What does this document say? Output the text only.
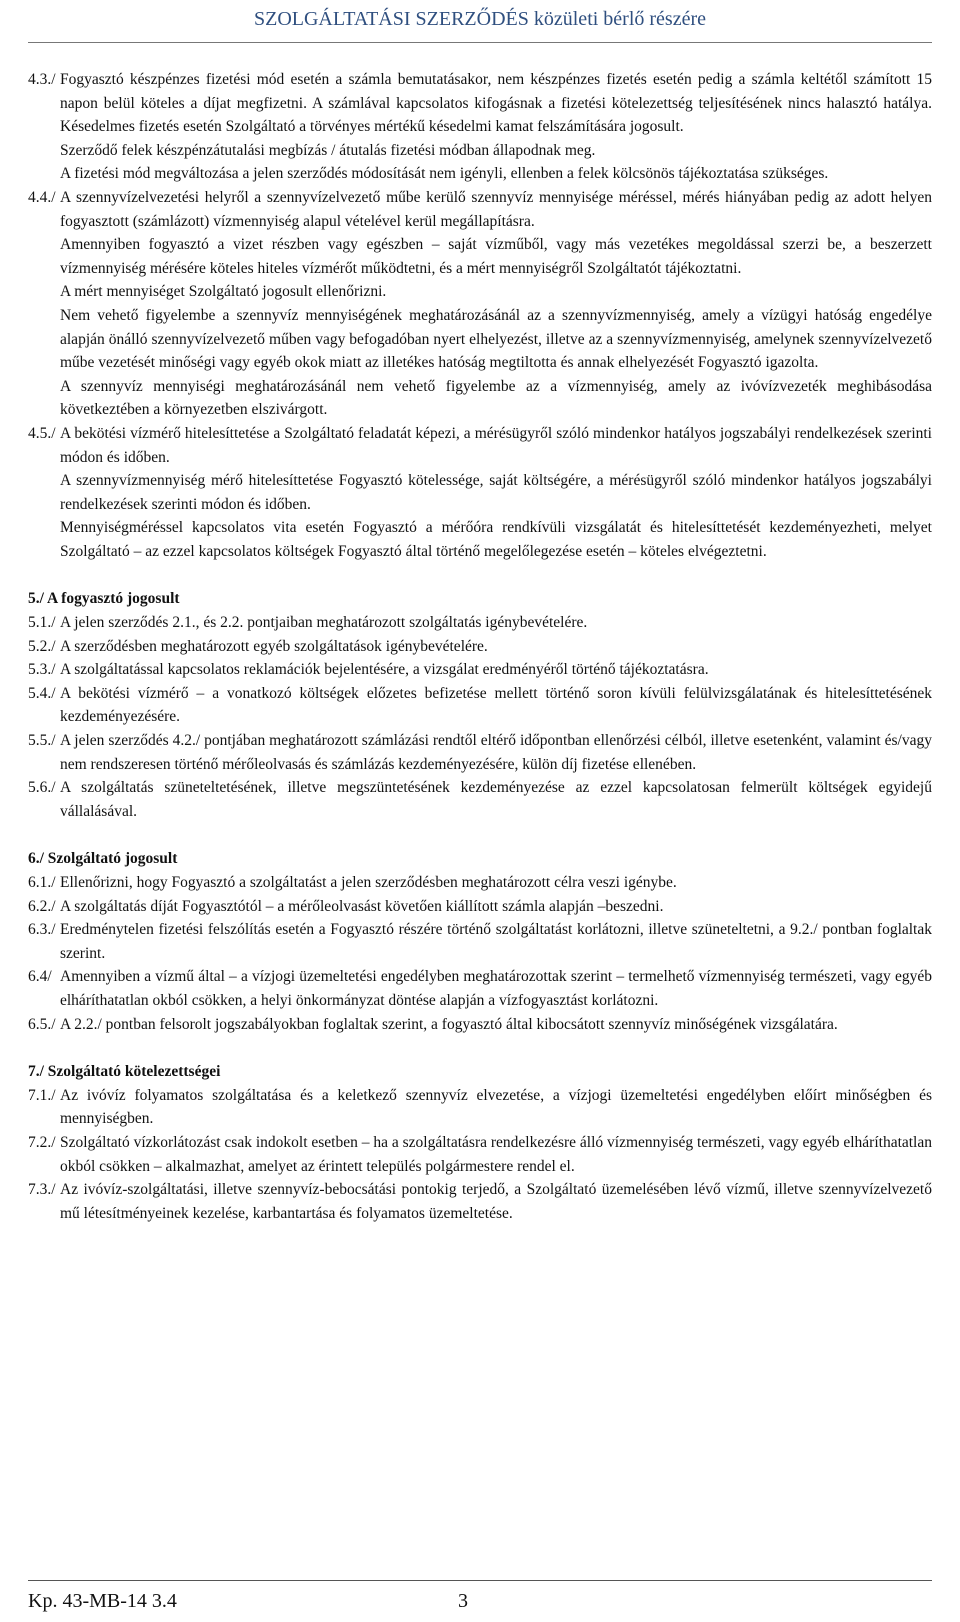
SZOLGÁLTATÁSI SZERZŐDÉS közületi bérlő részére
4.3./ Fogyasztó készpénzes fizetési mód esetén a számla bemutatásakor, nem készpénzes fizetés esetén pedig a számla keltétől számított 15 napon belül köteles a díjat megfizetni. A számlával kapcsolatos kifogásnak a fizetési kötelezettség teljesítésének nincs halasztó hatálya. Késedelmes fizetés esetén Szolgáltató a törvényes mértékű késedelmi kamat felszámítására jogosult.

Szerződő felek készpénzátutalási megbízás / átutalás fizetési módban állapodnak meg.

A fizetési mód megváltozása a jelen szerződés módosítását nem igényli, ellenben a felek kölcsönös tájékoztatása szükséges.

4.4./ A szennyvízelvezetési helyről a szennyvízelvezető műbe kerülő szennyvíz mennyisége méréssel, mérés hiányában pedig az adott helyen fogyasztott (számlázott) vízmennyiség alapul vételével kerül megállapításra.

Amennyiben fogyasztó a vizet részben vagy egészben – saját vízműből, vagy más vezetékes megoldással szerzi be, a beszerzett vízmennyiség mérésére köteles hiteles vízmérőt működtetni, és a mért mennyiségről Szolgáltatót tájékoztatni.

A mért mennyiséget Szolgáltató jogosult ellenőrizni.

Nem vehető figyelembe a szennyvíz mennyiségének meghatározásánál az a szennyvízmennyiség, amely a vízügyi hatóság engedélye alapján önálló szennyvízelvezető műben vagy befogadóban nyert elhelyezést, illetve az a szennyvízmennyiség, amelynek szennyvízelvezető műbe vezetését minőségi vagy egyéb okok miatt az illetékes hatóság megtiltotta és annak elhelyezését Fogyasztó igazolta.

A szennyvíz mennyiségi meghatározásánál nem vehető figyelembe az a vízmennyiség, amely az ivóvízvezeték meghibásodása következtében a környezetben elszivárgott.

4.5./ A bekötési vízmérő hitelesíttetése a Szolgáltató feladatát képezi, a mérésügyről szóló mindenkor hatályos jogszabályi rendelkezések szerinti módon és időben.

A szennyvízmennyiség mérő hitelesíttetése Fogyasztó kötelessége, saját költségére, a mérésügyről szóló mindenkor hatályos jogszabályi rendelkezések szerinti módon és időben.

Mennyiségméréssel kapcsolatos vita esetén Fogyasztó a mérőóra rendkívüli vizsgálatát és hitelesíttetését kezdeményezheti, melyet Szolgáltató – az ezzel kapcsolatos költségek Fogyasztó által történő megelőlegezése esetén – köteles elvégeztetni.

5./ A fogyasztó jogosult
5.1./ A jelen szerződés 2.1., és 2.2. pontjaiban meghatározott szolgáltatás igénybevételére.

5.2./ A szerződésben meghatározott egyéb szolgáltatások igénybevételére.

5.3./ A szolgáltatással kapcsolatos reklamációk bejelentésére, a vizsgálat eredményéről történő tájékoztatásra.

5.4./ A bekötési vízmérő – a vonatkozó költségek előzetes befizetése mellett történő soron kívüli felülvizsgálatának és hitelesíttetésének kezdeményezésére.

5.5./ A jelen szerződés 4.2./ pontjában meghatározott számlázási rendtől eltérő időpontban ellenőrzési célból, illetve esetenként, valamint és/vagy nem rendszeresen történő mérőleolvasás és számlázás kezdeményezésére, külön díj fizetése ellenében.

5.6./ A szolgáltatás szüneteltetésének, illetve megszüntetésének kezdeményezése az ezzel kapcsolatosan felmerült költségek egyidejű vállalásával.

6./ Szolgáltató jogosult
6.1./ Ellenőrizni, hogy Fogyasztó a szolgáltatást a jelen szerződésben meghatározott célra veszi igénybe.

6.2./ A szolgáltatás díját Fogyasztótól – a mérőleolvasást követően kiállított számla alapján –beszedni.

6.3./ Eredménytelen fizetési felszólítás esetén a Fogyasztó részére történő szolgáltatást korlátozni, illetve szüneteltetni, a 9.2./ pontban foglaltak szerint.

6.4/ Amennyiben a vízmű által – a vízjogi üzemeltetési engedélyben meghatározottak szerint – termelhető vízmennyiség természeti, vagy egyéb elháríthatatlan okból csökken, a helyi önkormányzat döntése alapján a vízfogyasztást korlátozni.

6.5./ A 2.2./ pontban felsorolt jogszabályokban foglaltak szerint, a fogyasztó által kibocsátott szennyvíz minőségének vizsgálatára.

7./ Szolgáltató kötelezettségei
7.1./ Az ivóvíz folyamatos szolgáltatása és a keletkező szennyvíz elvezetése, a vízjogi üzemeltetési engedélyben előírt minőségben és mennyiségben.

7.2./ Szolgáltató vízkorlátozást csak indokolt esetben – ha a szolgáltatásra rendelkezésre álló vízmennyiség természeti, vagy egyéb elháríthatatlan okból csökken – alkalmazhat, amelyet az érintett település polgármestere rendel el.

7.3./ Az ivóvíz-szolgáltatási, illetve szennyvíz-bebocsátási pontokig terjedő, a Szolgáltató üzemelésében lévő vízmű, illetve szennyvízelvezető mű létesítményeinek kezelése, karbantartása és folyamatos üzemeltetése.

Kp. 43-MB-14 3.4	3
